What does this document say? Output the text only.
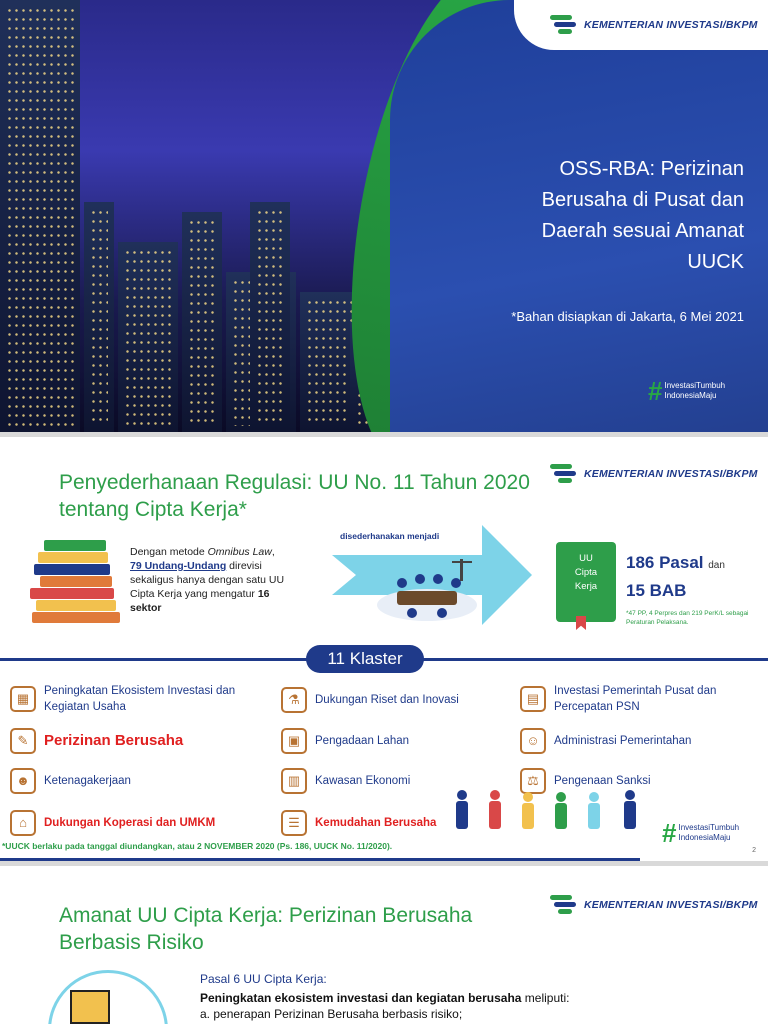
KEMENTERIAN INVESTASI/BKPM
OSS-RBA: Perizinan Berusaha di Pusat dan Daerah sesuai Amanat UUCK
*Bahan disiapkan di Jakarta, 6 Mei 2021
# InvestasiTumbuh
IndonesiaMaju
KEMENTERIAN INVESTASI/BKPM
Penyederhanaan Regulasi: UU No. 11 Tahun 2020 tentang Cipta Kerja*
Dengan metode Omnibus Law,
79 Undang-Undang direvisi sekaligus hanya dengan satu UU Cipta Kerja yang mengatur 16
sektor
disederhanakan menjadi
UU
Cipta
Kerja
186 Pasal dan
15 BAB
*47 PP, 4 Perpres dan 219 PerK/L sebagai Peraturan Pelaksana.
11 Klaster
▦	Peningkatan Ekosistem Investasi dan Kegiatan Usaha
✎	Perizinan Berusaha
☻	Ketenagakerjaan
⌂	Dukungan Koperasi dan UMKM
⚗	Dukungan Riset dan Inovasi
▣	Pengadaan Lahan
▥	Kawasan Ekonomi
☰	Kemudahan Berusaha
▤	Investasi Pemerintah Pusat dan Percepatan PSN
☺	Administrasi Pemerintahan
⚖	Pengenaan Sanksi
# InvestasiTumbuh
IndonesiaMaju
*UUCK berlaku pada tanggal diundangkan, atau 2 NOVEMBER 2020 (Ps. 186, UUCK No. 11/2020).	2
KEMENTERIAN INVESTASI/BKPM
Amanat UU Cipta Kerja: Perizinan Berusaha Berbasis Risiko
Pasal 6 UU Cipta Kerja:
Peningkatan ekosistem investasi dan kegiatan berusaha meliputi:
a. penerapan Perizinan Berusaha berbasis risiko;
